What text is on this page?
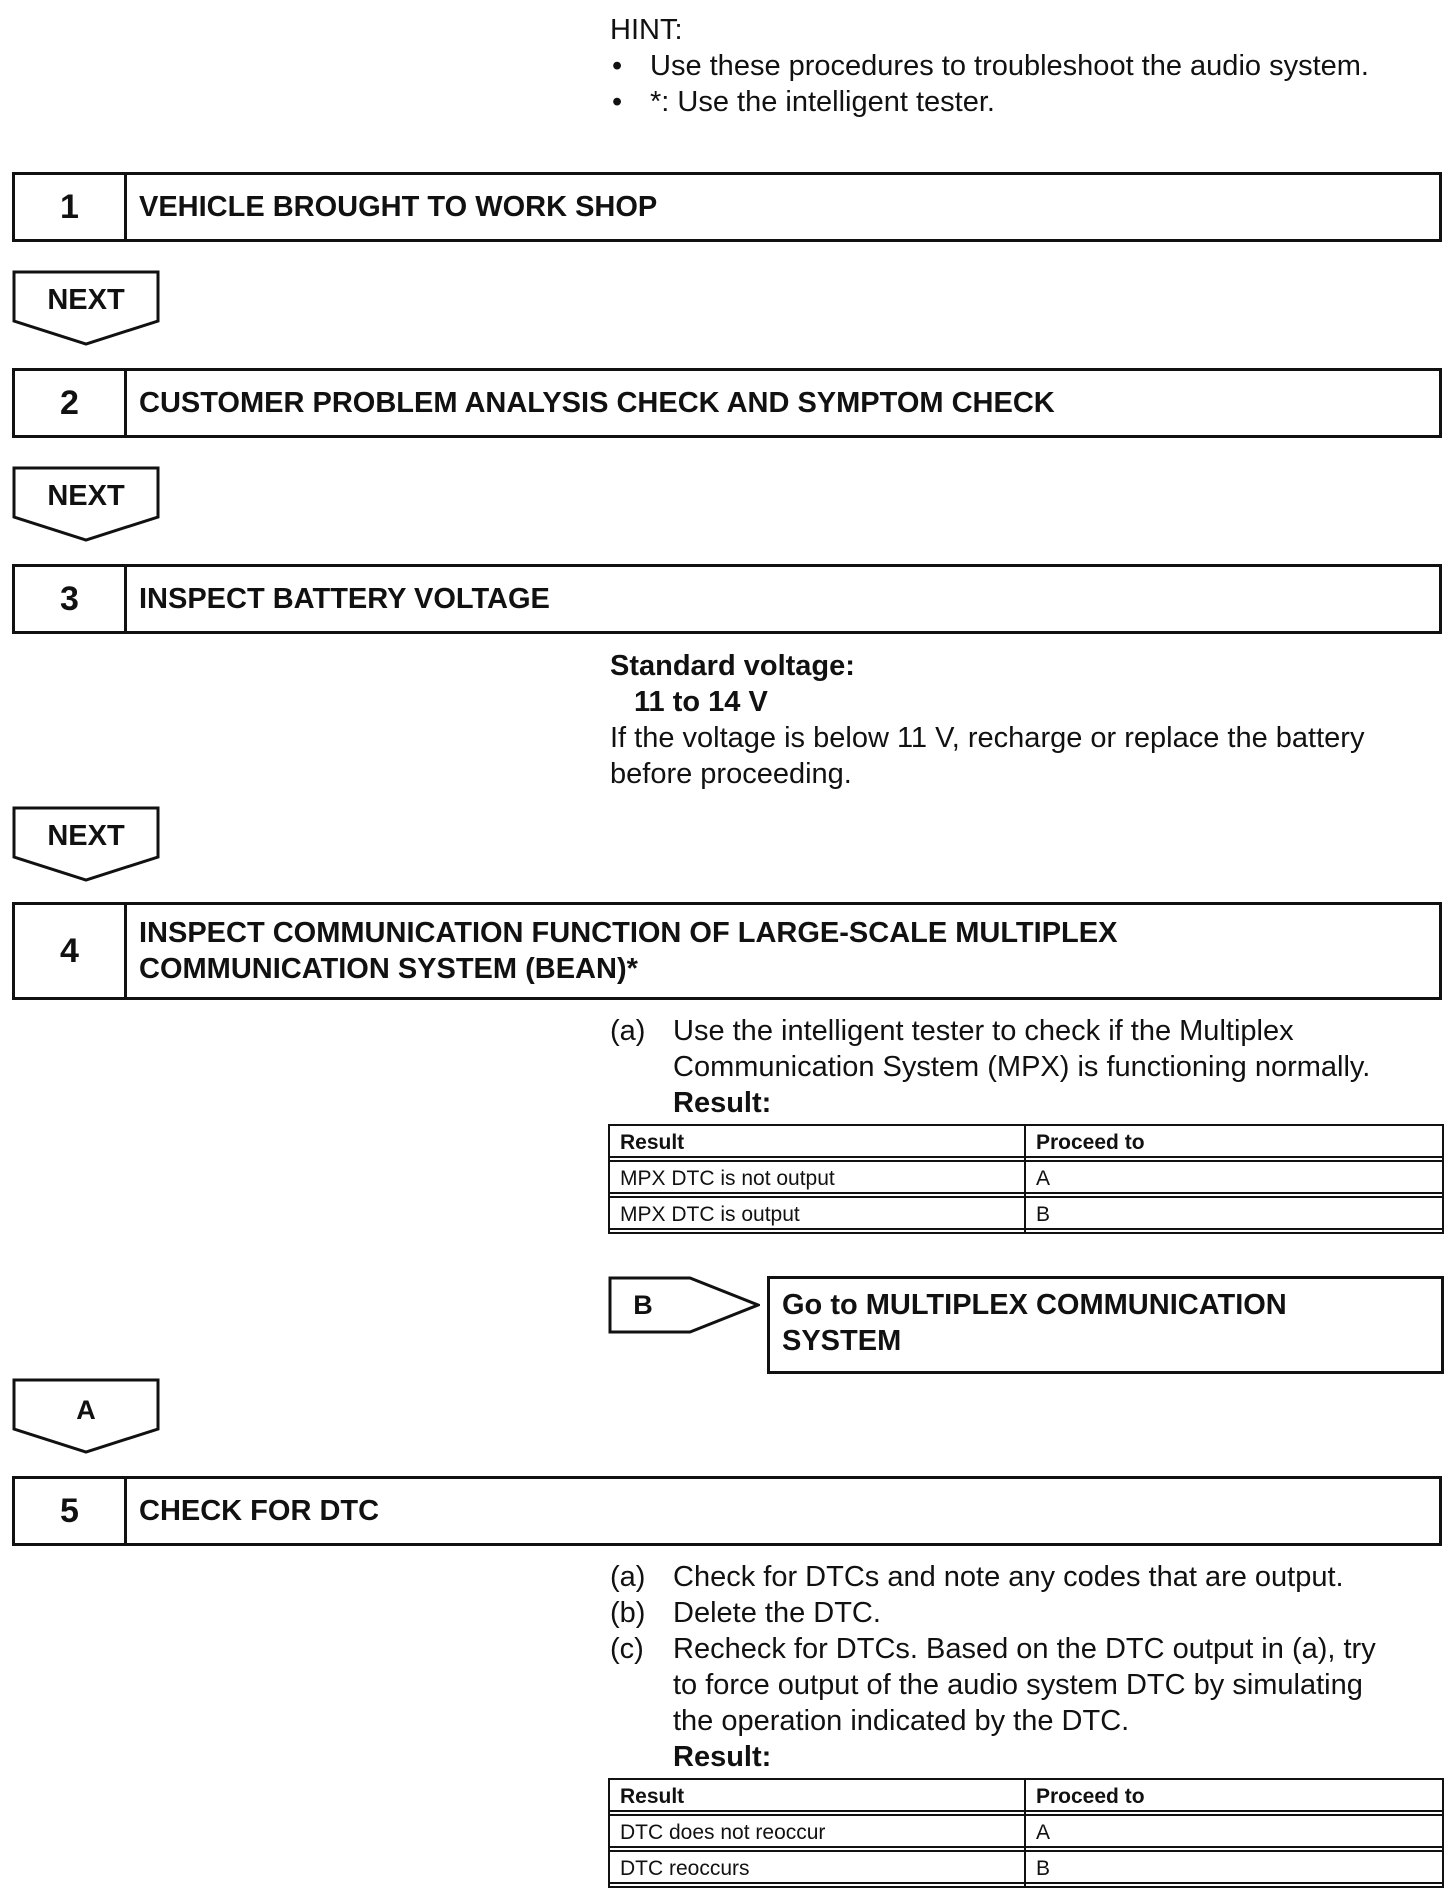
HINT:
• Use these procedures to troubleshoot the audio system.
• *: Use the intelligent tester.
1	VEHICLE BROUGHT TO WORK SHOP
NEXT
2	CUSTOMER PROBLEM ANALYSIS CHECK AND SYMPTOM CHECK
NEXT
3	INSPECT BATTERY VOLTAGE
Standard voltage:
11 to 14 V
If the voltage is below 11 V, recharge or replace the battery
before proceeding.
NEXT
4	INSPECT COMMUNICATION FUNCTION OF LARGE-SCALE MULTIPLEX
COMMUNICATION SYSTEM (BEAN)*
(a) Use the intelligent tester to check if the Multiplex
Communication System (MPX) is functioning normally.
Result:
Result	Proceed to
MPX DTC is not output	A
MPX DTC is output	B
B	Go to MULTIPLEX COMMUNICATION
SYSTEM
A
5	CHECK FOR DTC
(a) Check for DTCs and note any codes that are output.
(b) Delete the DTC.
(c) Recheck for DTCs. Based on the DTC output in (a), try
to force output of the audio system DTC by simulating
the operation indicated by the DTC.
Result:
Result	Proceed to
DTC does not reoccur	A
DTC reoccurs	B
